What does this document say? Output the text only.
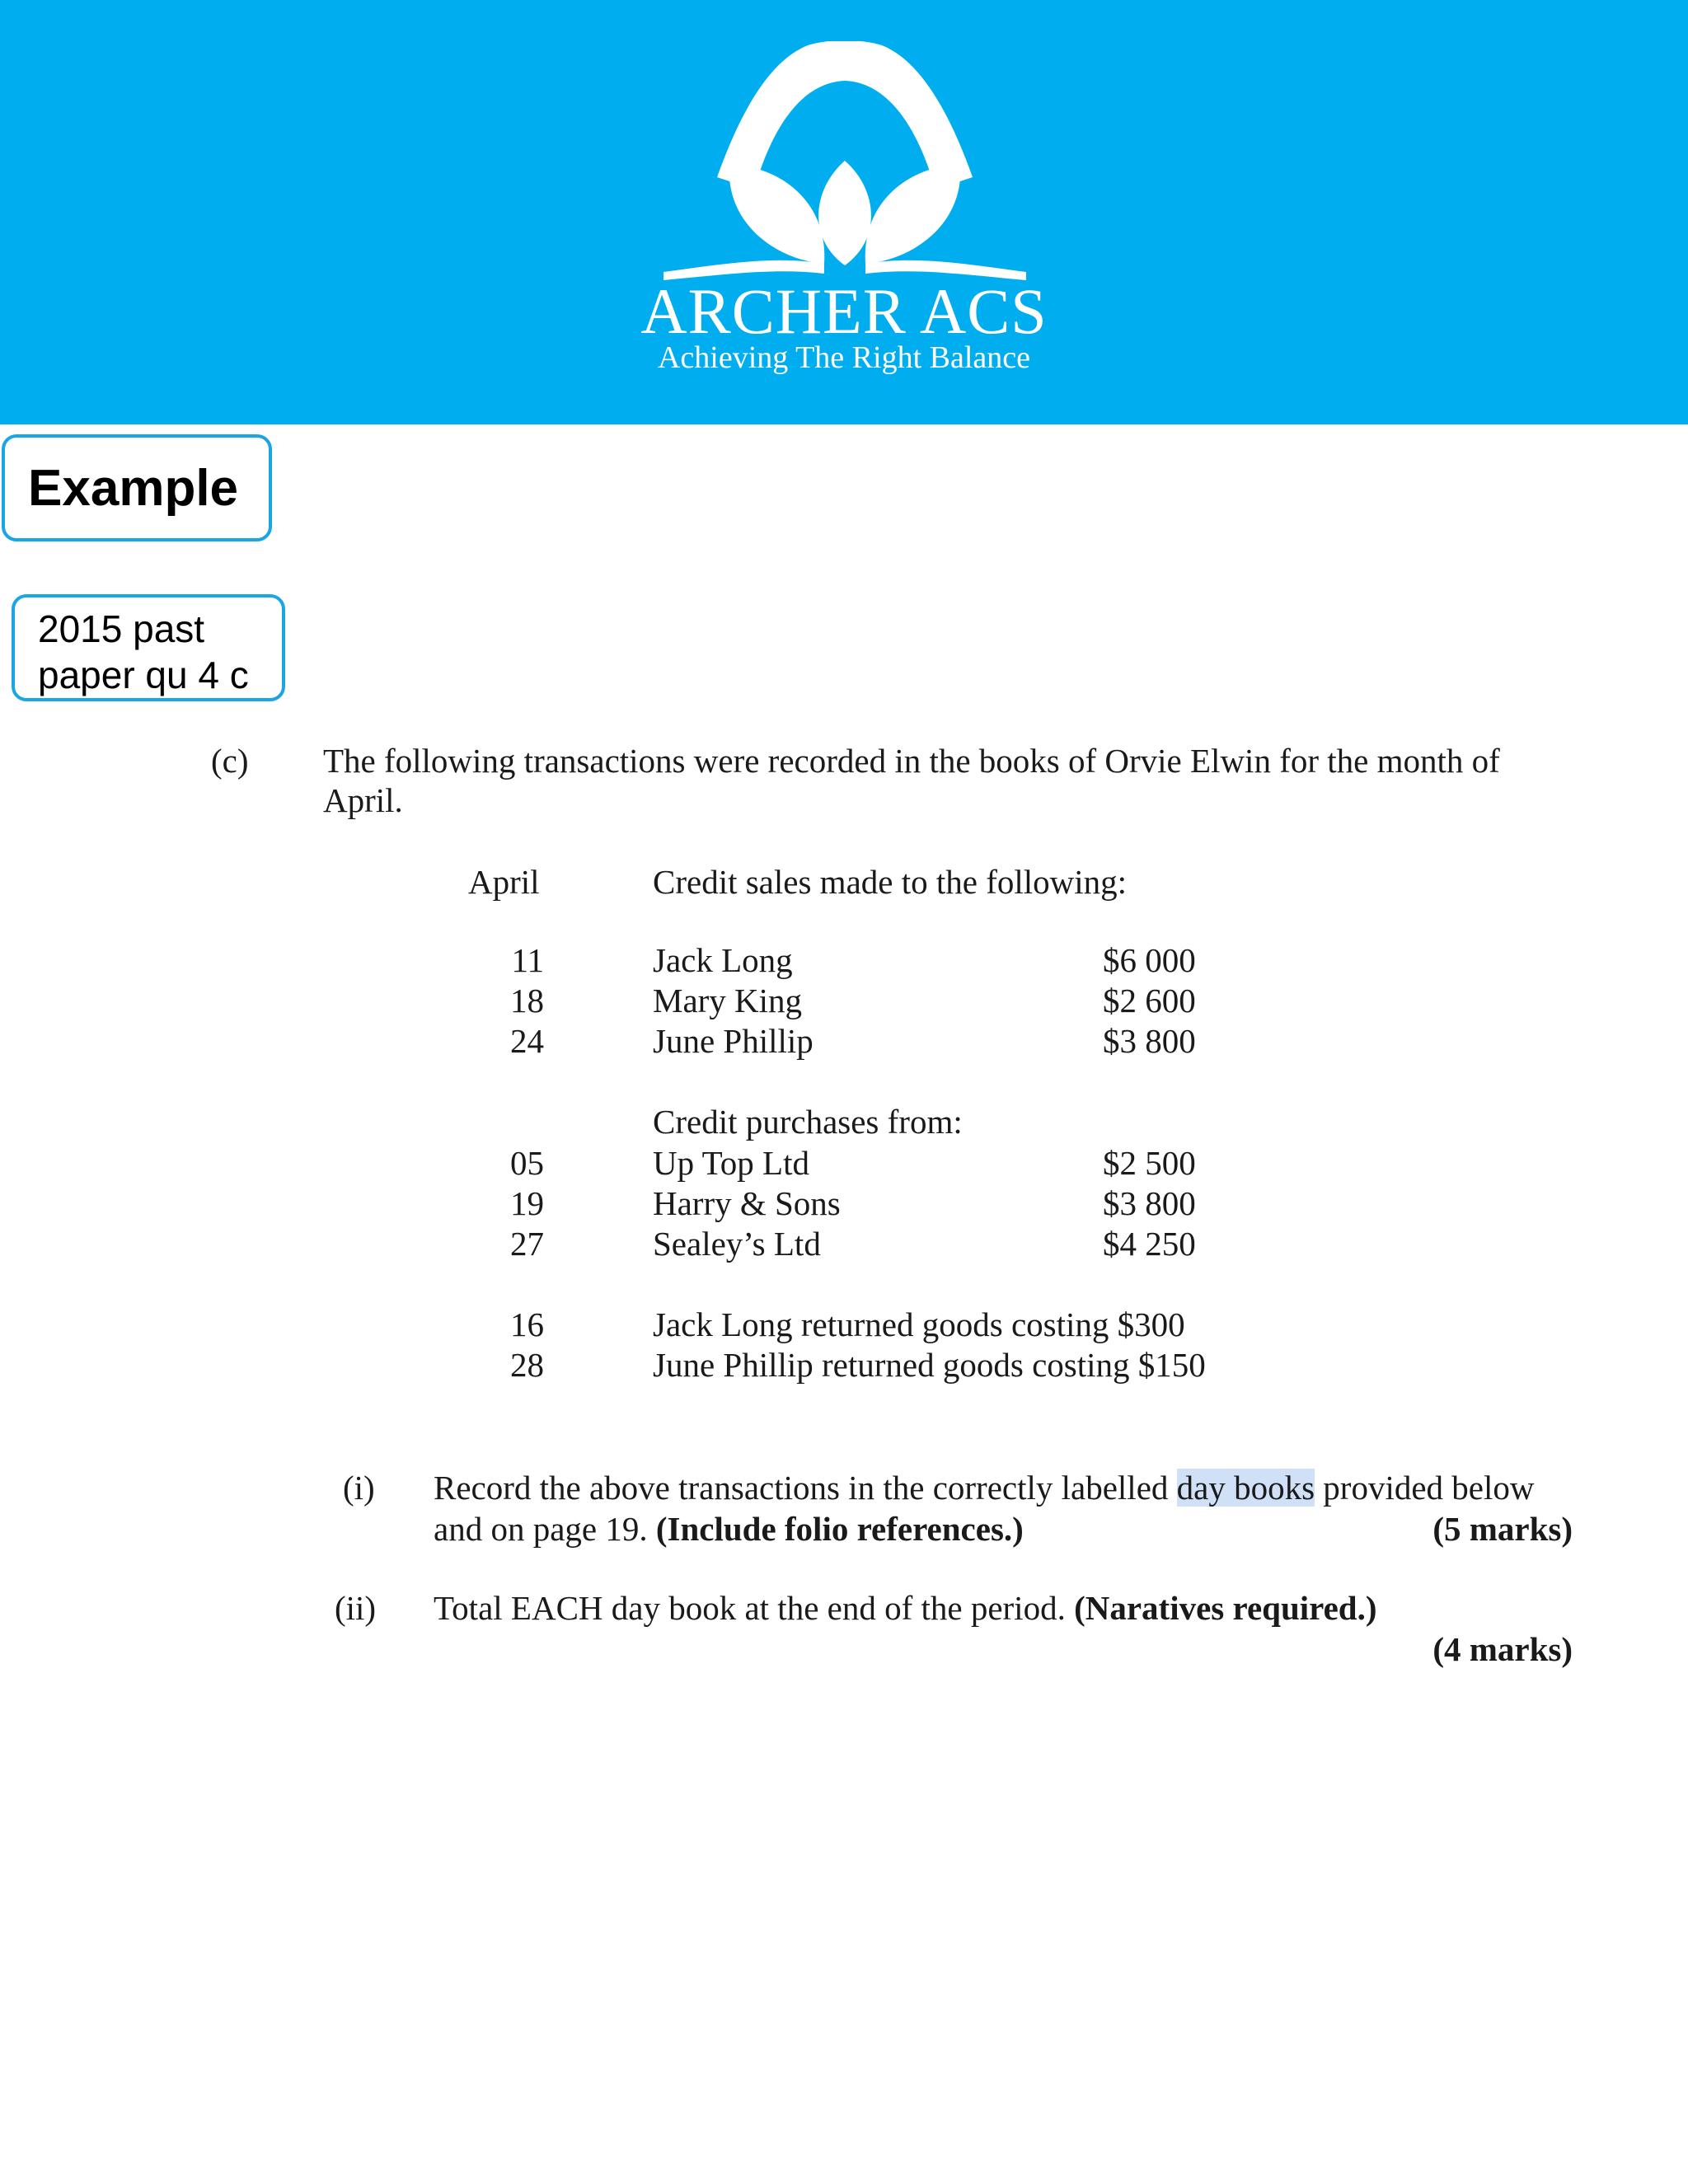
ARCHER ACS
Achieving The Right Balance
Example
2015 past paper qu 4 c
(c) The following transactions were recorded in the books of Orvie Elwin for the month of
April.
April	Credit sales made to the following:
11	Jack Long	$6 000
18	Mary King	$2 600
24	June Phillip	$3 800
Credit purchases from:
05	Up Top Ltd	$2 500
19	Harry & Sons	$3 800
27	Sealey’s Ltd	$4 250
16	Jack Long returned goods costing $300
28	June Phillip returned goods costing $150
(i) Record the above transactions in the correctly labelled day books provided below
and on page 19. (Include folio references.)	(5 marks)
(ii) Total EACH day book at the end of the period. (Naratives required.)
(4 marks)
